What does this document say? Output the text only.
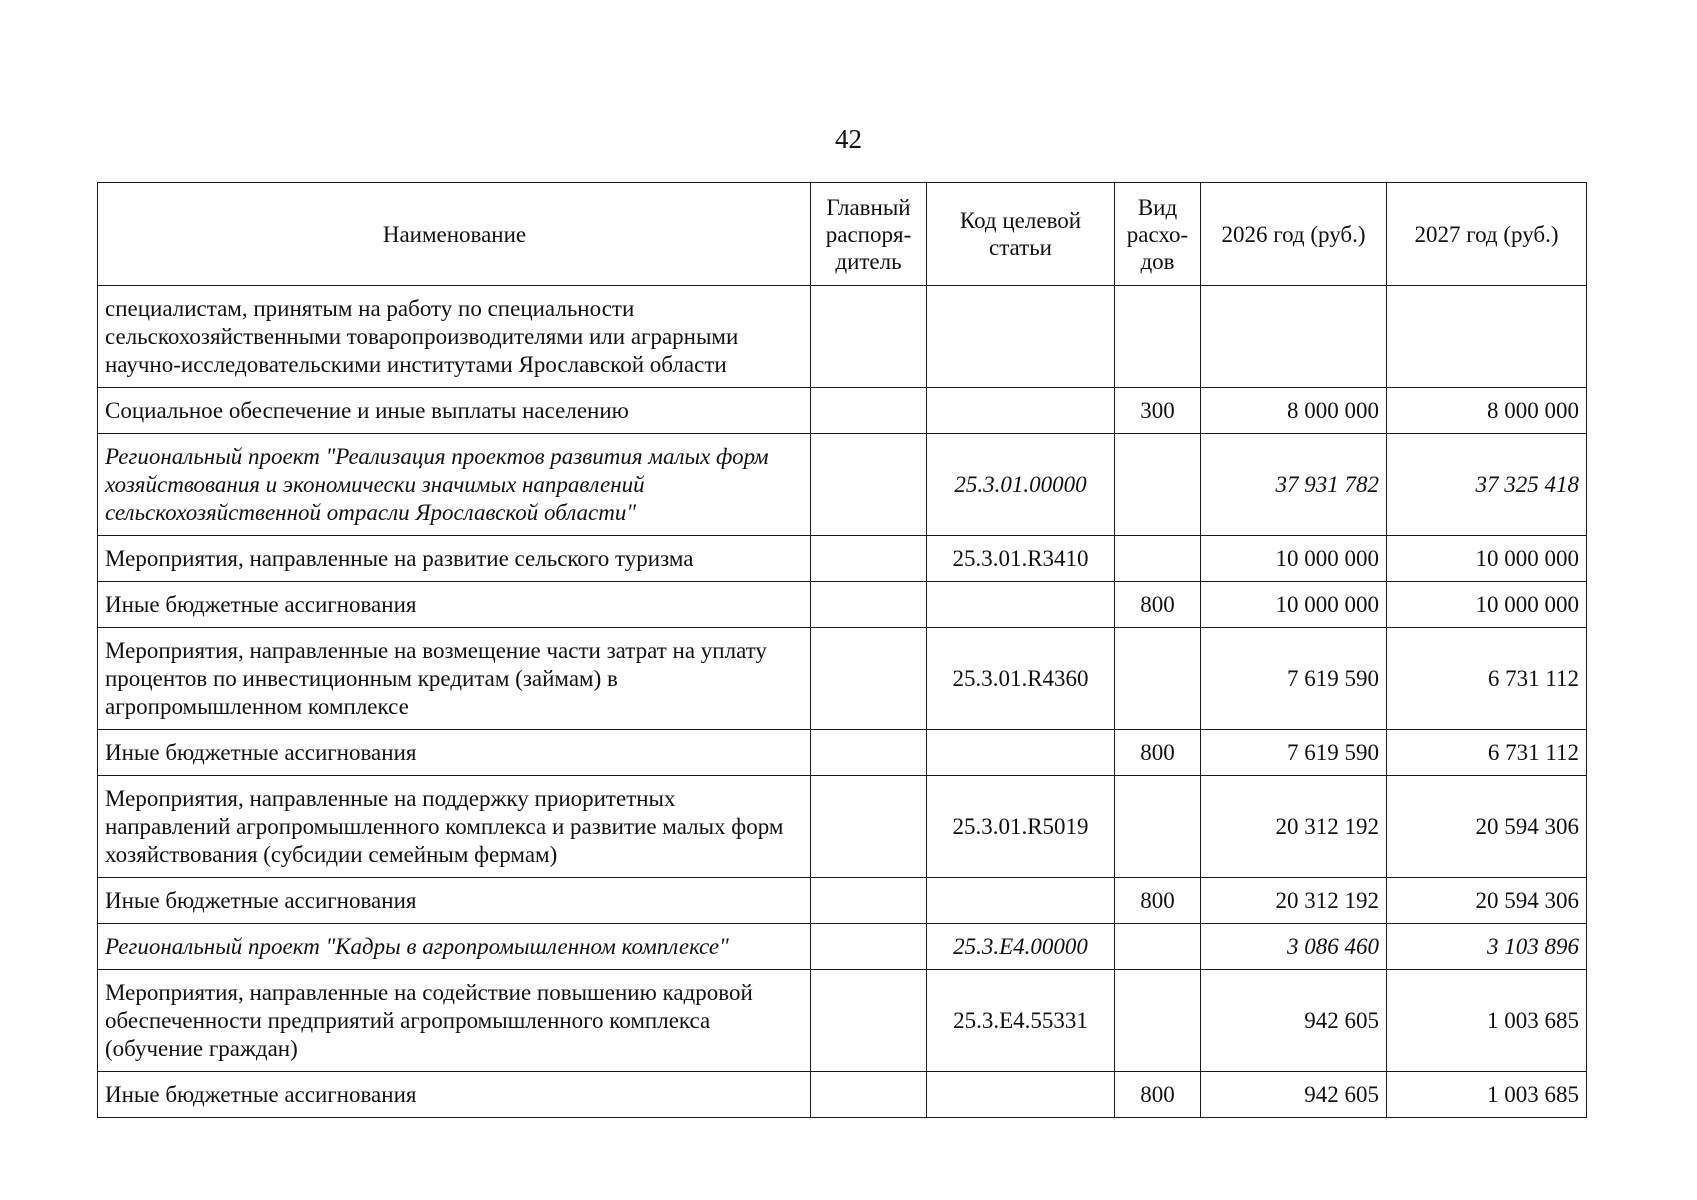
42
Наименование	Главный распоря-дитель	Код целевой статьи	Вид расхо-дов	2026 год (руб.)	2027 год (руб.)
специалистам, принятым на работу по специальности сельскохозяйственными товаропроизводителями или аграрными научно-исследовательскими институтами Ярославской области					
Социальное обеспечение и иные выплаты населению			300	8 000 000	8 000 000
Региональный проект "Реализация проектов развития малых форм хозяйствования и экономически значимых направлений сельскохозяйственной отрасли Ярославской области"		25.3.01.00000		37 931 782	37 325 418
Мероприятия, направленные на развитие сельского туризма		25.3.01.R3410		10 000 000	10 000 000
Иные бюджетные ассигнования			800	10 000 000	10 000 000
Мероприятия, направленные на возмещение части затрат на уплату процентов по инвестиционным кредитам (займам) в агропромышленном комплексе		25.3.01.R4360		7 619 590	6 731 112
Иные бюджетные ассигнования			800	7 619 590	6 731 112
Мероприятия, направленные на поддержку приоритетных направлений агропромышленного комплекса и развитие малых форм хозяйствования (субсидии семейным фермам)		25.3.01.R5019		20 312 192	20 594 306
Иные бюджетные ассигнования			800	20 312 192	20 594 306
Региональный проект "Кадры в агропромышленном комплексе"		25.3.Е4.00000		3 086 460	3 103 896
Мероприятия, направленные на содействие повышению кадровой обеспеченности предприятий агропромышленного комплекса (обучение граждан)		25.3.Е4.55331		942 605	1 003 685
Иные бюджетные ассигнования			800	942 605	1 003 685
